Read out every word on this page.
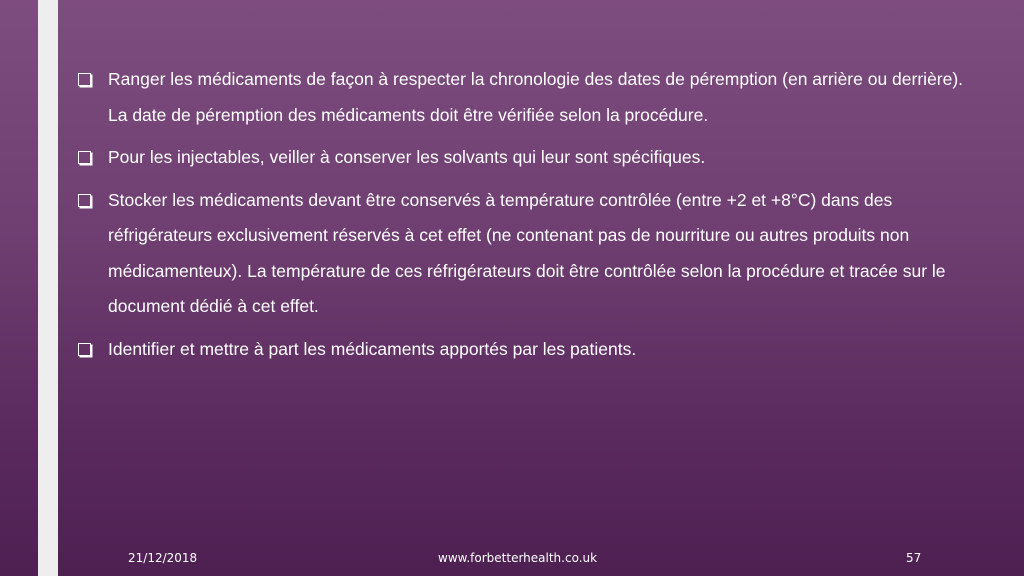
Ranger les médicaments de façon à respecter la chronologie des dates de péremption (en arrière ou derrière). La date de péremption des médicaments doit être vérifiée selon la procédure.
Pour les injectables, veiller à conserver les solvants qui leur sont spécifiques.
Stocker les médicaments devant être conservés à température contrôlée (entre +2 et +8°C) dans des réfrigérateurs exclusivement réservés à cet effet (ne contenant pas de nourriture ou autres produits non médicamenteux). La température de ces réfrigérateurs doit être contrôlée selon la procédure et tracée sur le document dédié à cet effet.
Identifier et mettre à part les médicaments apportés par les patients.
21/12/2018	www.forbetterhealth.co.uk	57
